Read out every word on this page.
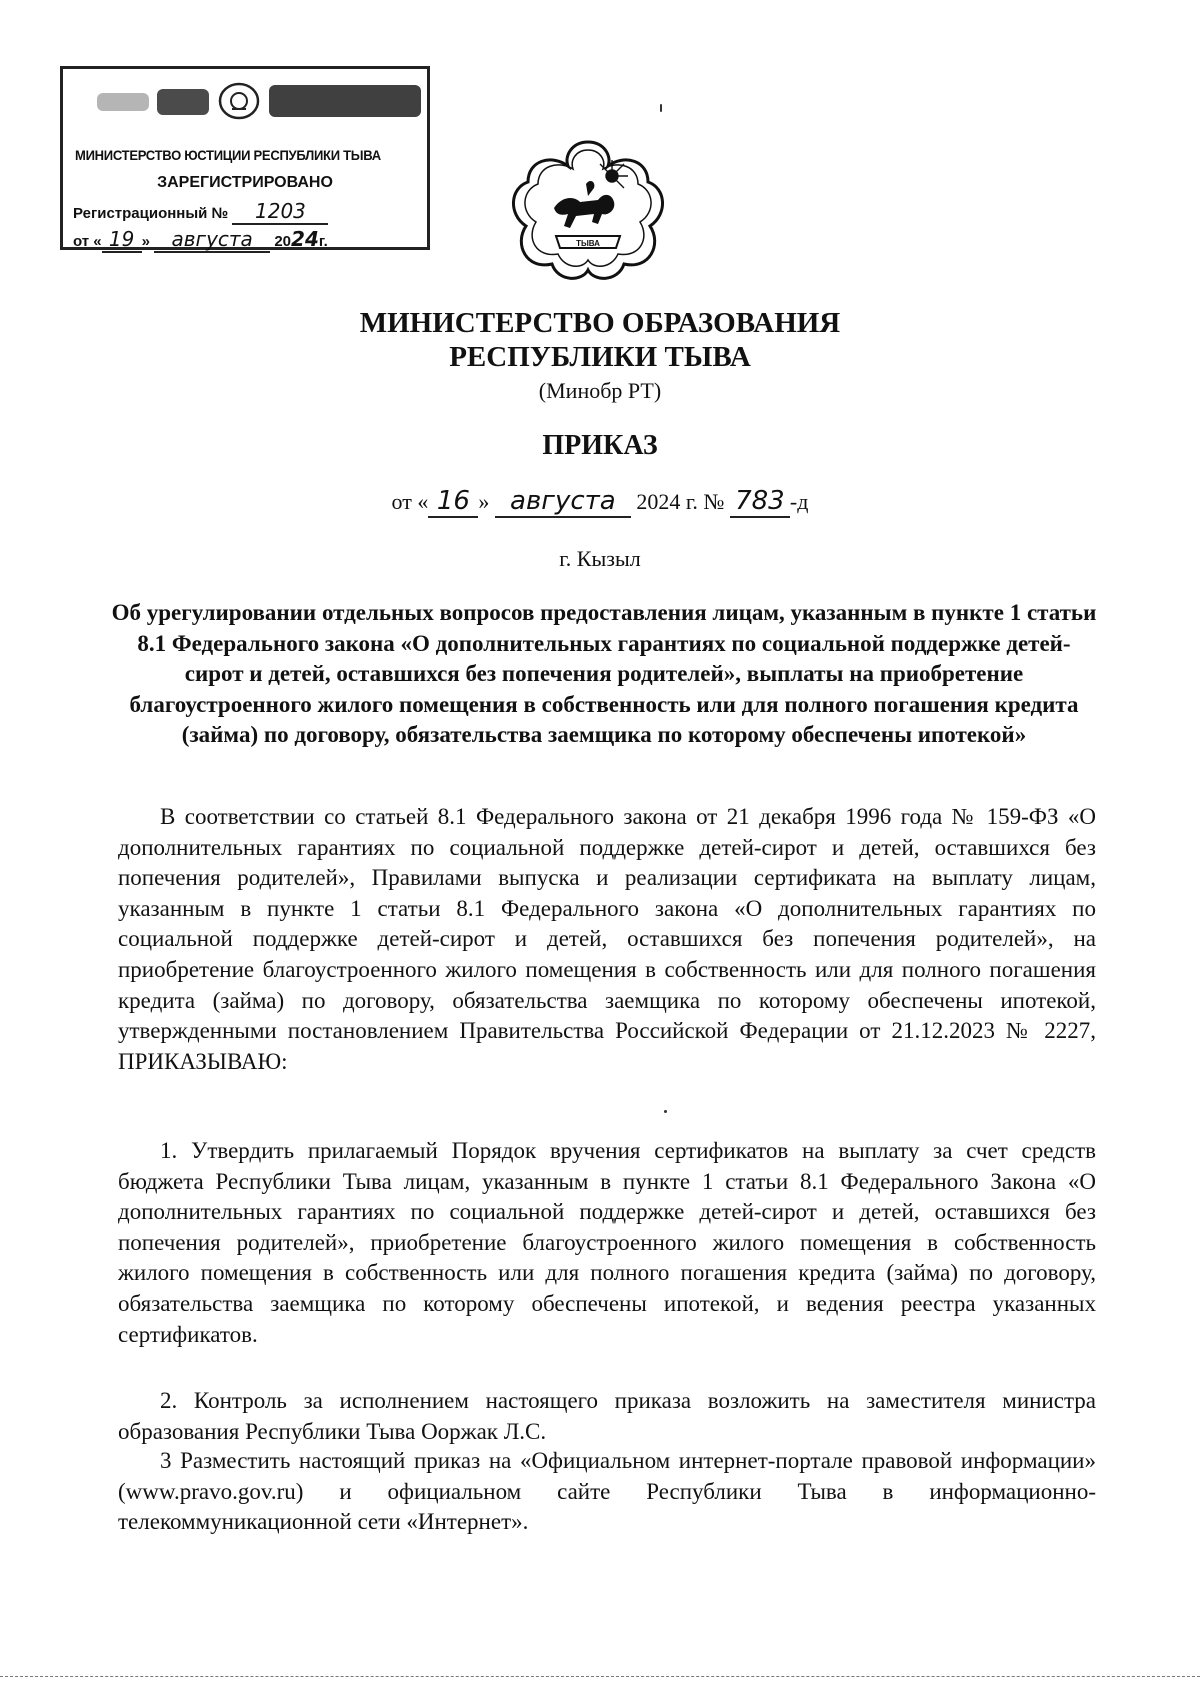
МИНИСТЕРСТВО ЮСТИЦИИ РЕСПУБЛИКИ ТЫВА
ЗАРЕГИСТРИРОВАНО
Регистрационный № 1203
от « 19 » августа 2024г.	ТЫВА
МИНИСТЕРСТВО ОБРАЗОВАНИЯ
РЕСПУБЛИКИ ТЫВА
(Минобр РТ)
ПРИКАЗ
от « 16 » августа 2024 г. № 783 -д
г. Кызыл
Об урегулировании отдельных вопросов предоставления лицам, указанным в пункте 1 статьи 8.1 Федерального закона «О дополнительных гарантиях по социальной поддержке детей-сирот и детей, оставшихся без попечения родителей», выплаты на приобретение благоустроенного жилого помещения в собственность или для полного погашения кредита (займа) по договору, обязательства заемщика по которому обеспечены ипотекой»
В соответствии со статьей 8.1 Федерального закона от 21 декабря 1996 года № 159-ФЗ «О дополнительных гарантиях по социальной поддержке детей-сирот и детей, оставшихся без попечения родителей», Правилами выпуска и реализации сертификата на выплату лицам, указанным в пункте 1 статьи 8.1 Федерального закона «О дополнительных гарантиях по социальной поддержке детей-сирот и детей, оставшихся без попечения родителей», на приобретение благоустроенного жилого помещения в собственность или для полного погашения кредита (займа) по договору, обязательства заемщика по которому обеспечены ипотекой, утвержденными постановлением Правительства Российской Федерации от 21.12.2023 № 2227, ПРИКАЗЫВАЮ:
1. Утвердить прилагаемый Порядок вручения сертификатов на выплату за счет средств бюджета Республики Тыва лицам, указанным в пункте 1 статьи 8.1 Федерального Закона «О дополнительных гарантиях по социальной поддержке детей-сирот и детей, оставшихся без попечения родителей», приобретение благоустроенного жилого помещения в собственность жилого помещения в собственность или для полного погашения кредита (займа) по договору, обязательства заемщика по которому обеспечены ипотекой, и ведения реестра указанных сертификатов.
2. Контроль за исполнением настоящего приказа возложить на заместителя министра образования Республики Тыва Ооржак Л.С.
3 Разместить настоящий приказ на «Официальном интернет-портале правовой информации» (www.pravo.gov.ru) и официальном сайте Республики Тыва в информационно-телекоммуникационной сети «Интернет».
